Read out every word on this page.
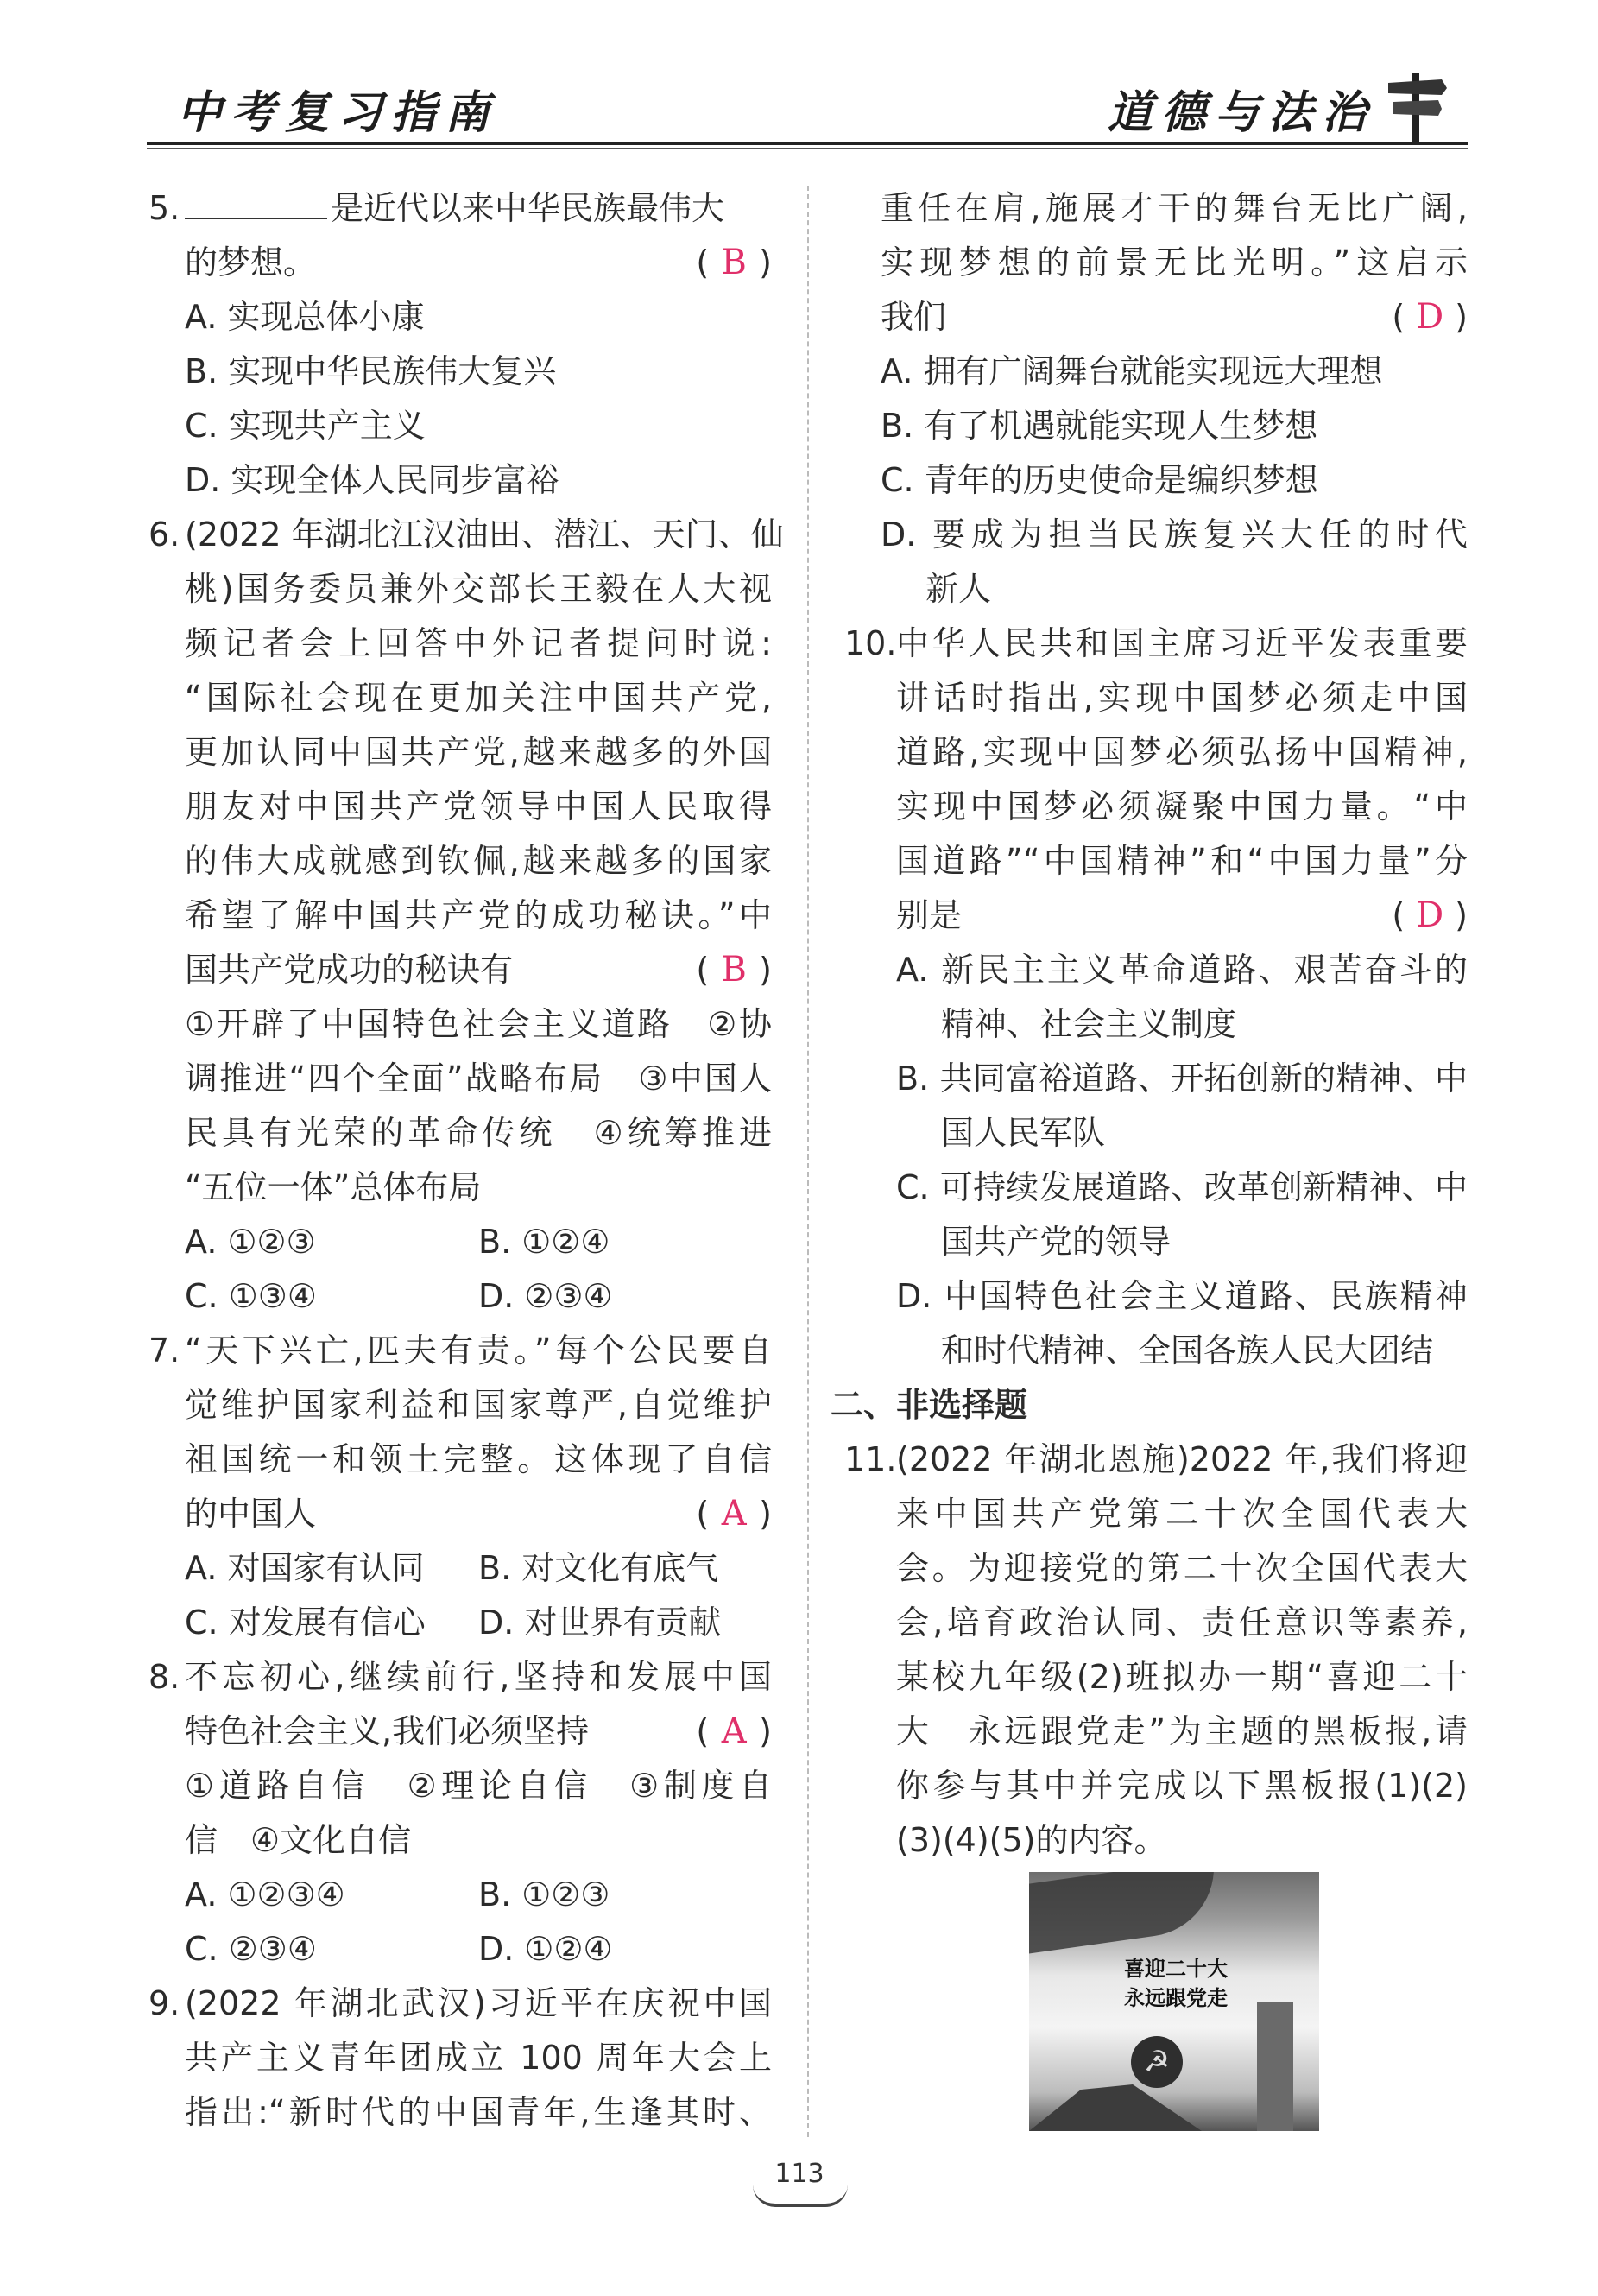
中考复习指南	道德与法治
5.	是近代以来中华民族最伟大
的梦想。	( B )
A. 实现总体小康
B. 实现中华民族伟大复兴
C. 实现共产主义
D. 实现全体人民同步富裕
6. (2022 年湖北江汉油田、潜江、天门、仙
桃)国务委员兼外交部长王毅在人大视
频记者会上回答中外记者提问时说:
“国际社会现在更加关注中国共产党,
更加认同中国共产党,越来越多的外国
朋友对中国共产党领导中国人民取得
的伟大成就感到钦佩,越来越多的国家
希望了解中国共产党的成功秘诀。”中
国共产党成功的秘诀有	( B )
①开辟了中国特色社会主义道路　②协
调推进“四个全面”战略布局　③中国人
民具有光荣的革命传统　④统筹推进
“五位一体”总体布局
A. ①②③	B. ①②④
C. ①③④	D. ②③④
7. “天下兴亡,匹夫有责。”每个公民要自
觉维护国家利益和国家尊严,自觉维护
祖国统一和领土完整。这体现了自信
的中国人	( A )
A. 对国家有认同	B. 对文化有底气
C. 对发展有信心	D. 对世界有贡献
8. 不忘初心,继续前行,坚持和发展中国
特色社会主义,我们必须坚持	( A )
①道路自信　②理论自信　③制度自
信　④文化自信
A. ①②③④	B. ①②③
C. ②③④	D. ①②④
9. (2022 年湖北武汉)习近平在庆祝中国
共产主义青年团成立 100 周年大会上
指出:“新时代的中国青年,生逢其时、
重任在肩,施展才干的舞台无比广阔,
实现梦想的前景无比光明。”这启示
我们	( D )
A. 拥有广阔舞台就能实现远大理想
B. 有了机遇就能实现人生梦想
C. 青年的历史使命是编织梦想
D. 要成为担当民族复兴大任的时代
新人
10. 中华人民共和国主席习近平发表重要
讲话时指出,实现中国梦必须走中国
道路,实现中国梦必须弘扬中国精神,
实现中国梦必须凝聚中国力量。“中
国道路”“中国精神”和“中国力量”分
别是	( D )
A. 新民主主义革命道路、艰苦奋斗的
精神、社会主义制度
B. 共同富裕道路、开拓创新的精神、中
国人民军队
C. 可持续发展道路、改革创新精神、中
国共产党的领导
D. 中国特色社会主义道路、民族精神
和时代精神、全国各族人民大团结
二、非选择题
11. (2022 年湖北恩施)2022 年,我们将迎
来中国共产党第二十次全国代表大
会。为迎接党的第二十次全国代表大
会,培育政治认同、责任意识等素养,
某校九年级(2)班拟办一期“喜迎二十
大　永远跟党走”为主题的黑板报,请
你参与其中并完成以下黑板报(1)(2)
(3)(4)(5)的内容。
喜迎二十大
永远跟党走
☭
113
